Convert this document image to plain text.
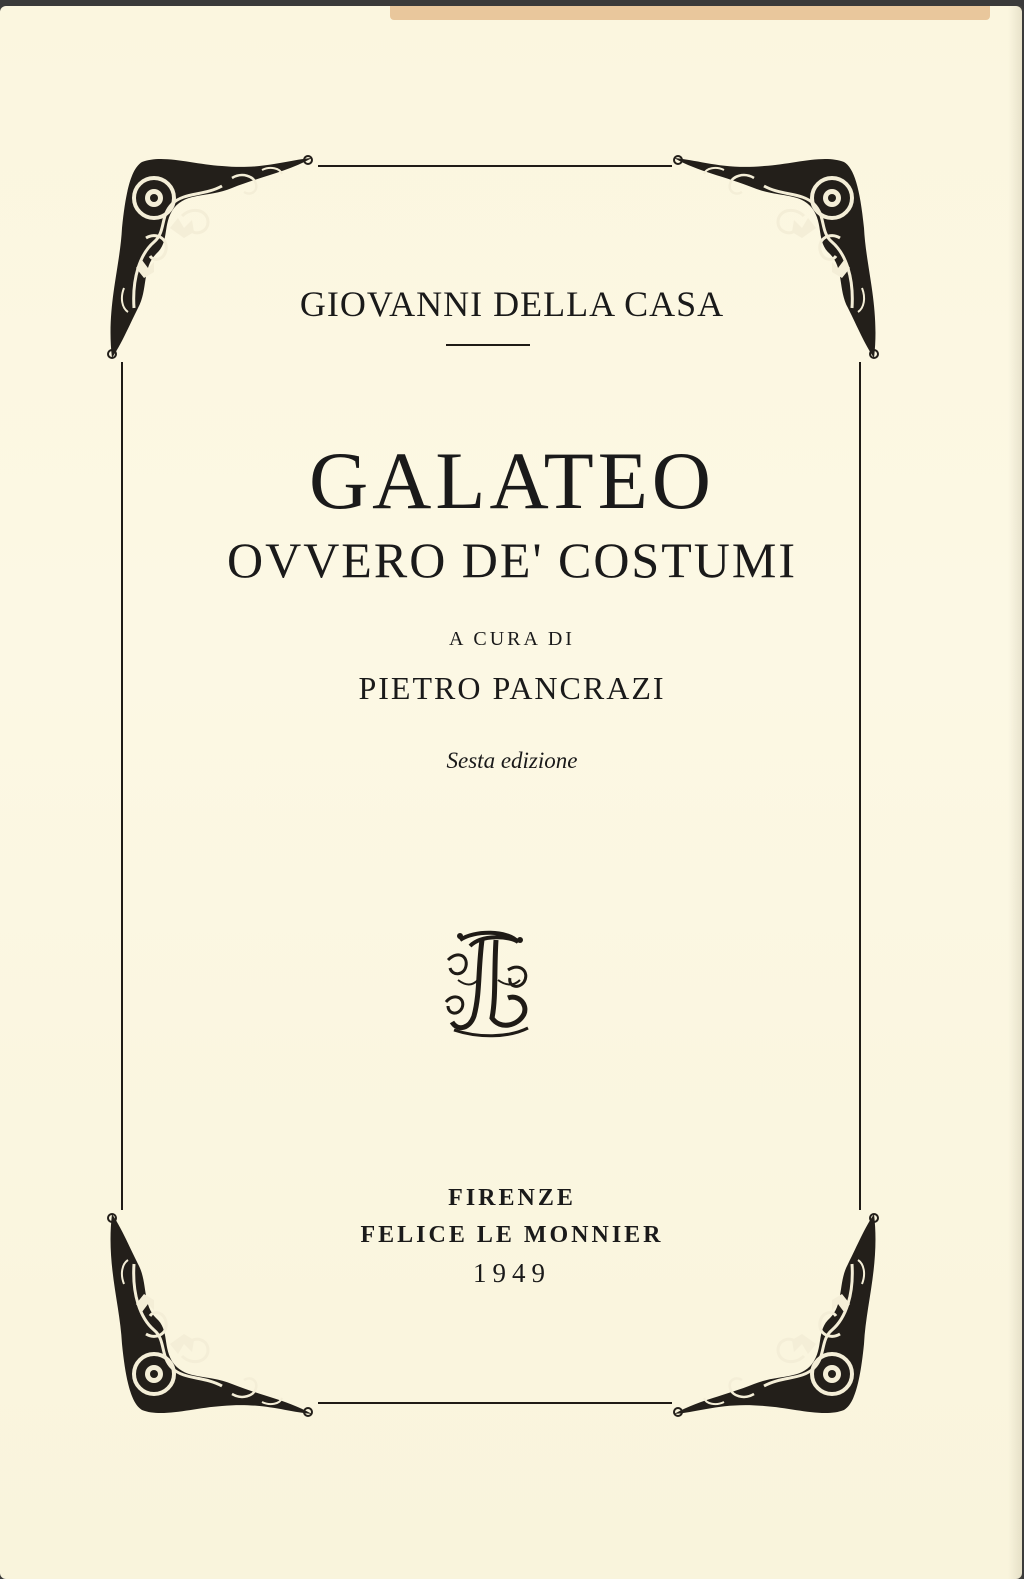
GIOVANNI DELLA CASA
GALATEO
OVVERO DE' COSTUMI
A CURA DI
PIETRO PANCRAZI
Sesta edizione
FIRENZE
FELICE LE MONNIER
1949
